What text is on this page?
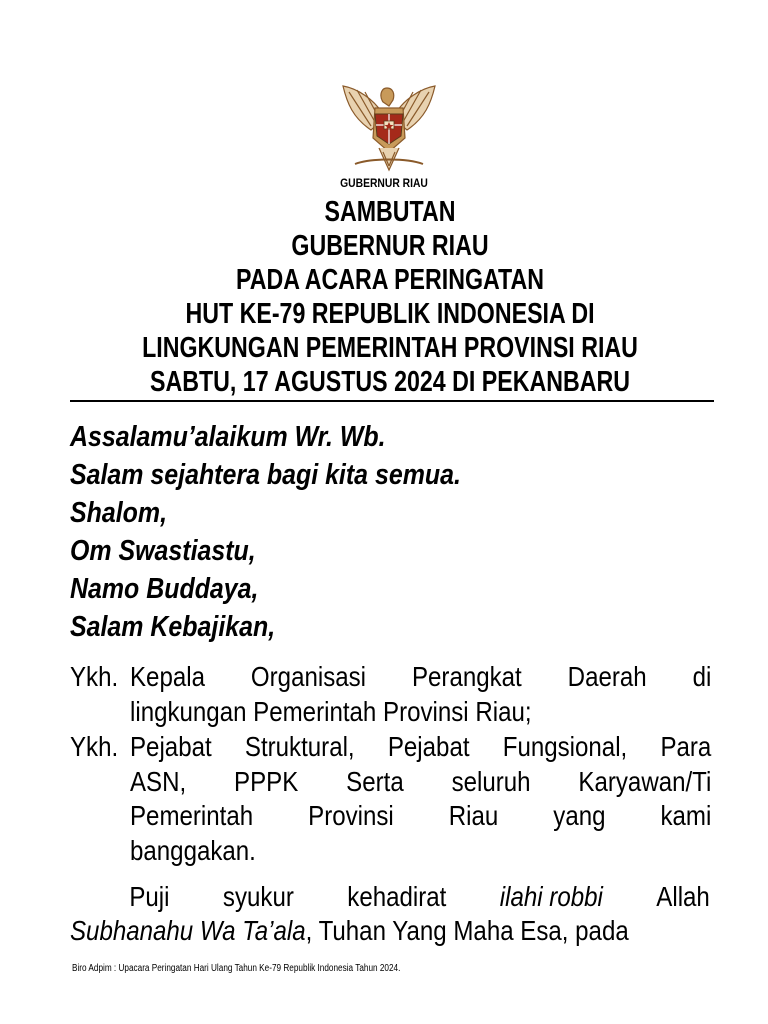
GUBERNUR RIAU
SAMBUTAN
GUBERNUR RIAU
PADA ACARA PERINGATAN
HUT KE-79 REPUBLIK INDONESIA DI
LINGKUNGAN PEMERINTAH PROVINSI RIAU
SABTU, 17 AGUSTUS 2024 DI PEKANBARU
Assalamu’alaikum Wr. Wb.
Salam sejahtera bagi kita semua.
Shalom,
Om Swastiastu,
Namo Buddaya,
Salam Kebajikan,
Ykh. Kepala Organisasi Perangkat Daerah di
lingkungan Pemerintah Provinsi Riau;
Ykh. Pejabat Struktural, Pejabat Fungsional, Para
ASN, PPPK Serta seluruh Karyawan/Ti
Pemerintah Provinsi Riau yang kami
banggakan.
Puji syukur kehadirat ilahi robbi Allah
Subhanahu Wa Ta’ala, Tuhan Yang Maha Esa, pada
Biro Adpim : Upacara Peringatan Hari Ulang Tahun Ke-79 Republik Indonesia Tahun 2024.
